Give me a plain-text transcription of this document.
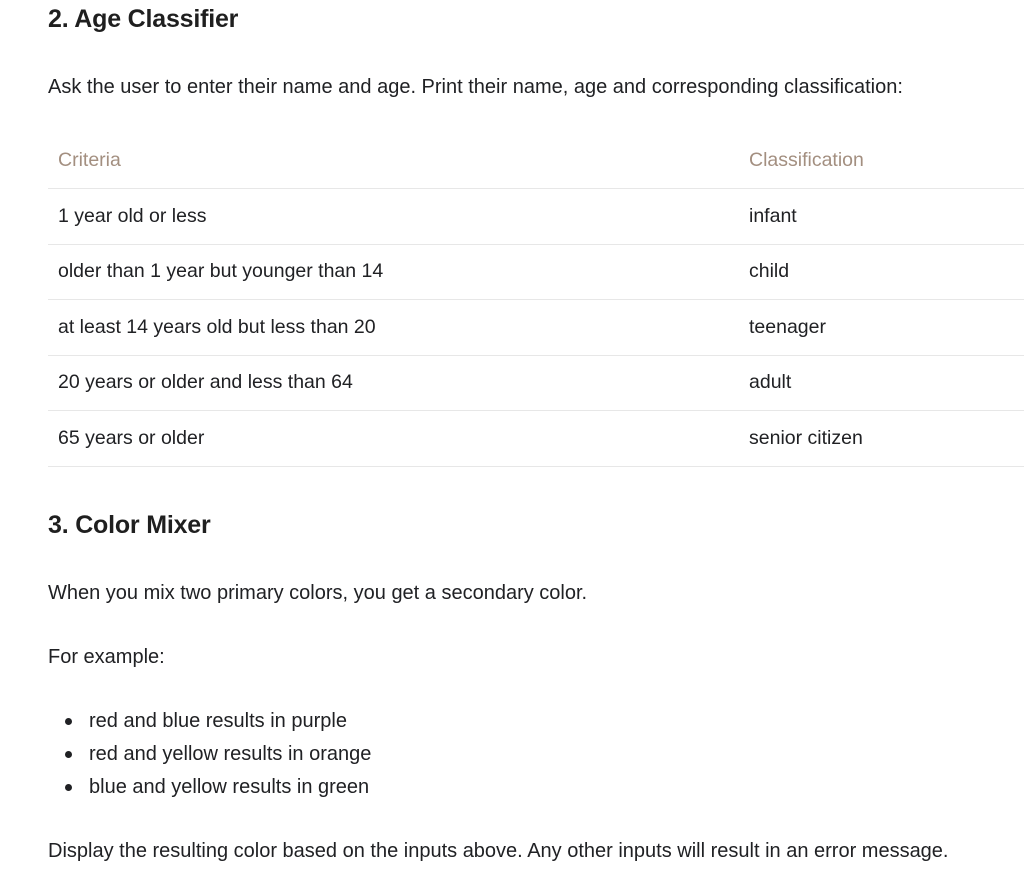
2. Age Classifier

Ask the user to enter their name and age. Print their name, age and corresponding classification:

Criteria	Classification
1 year old or less	infant
older than 1 year but younger than 14	child
at least 14 years old but less than 20	teenager
20 years or older and less than 64	adult
65 years or older	senior citizen
3. Color Mixer

When you mix two primary colors, you get a secondary color.

For example:

red and blue results in purple
red and yellow results in orange
blue and yellow results in green

Display the resulting color based on the inputs above. Any other inputs will result in an error message.
